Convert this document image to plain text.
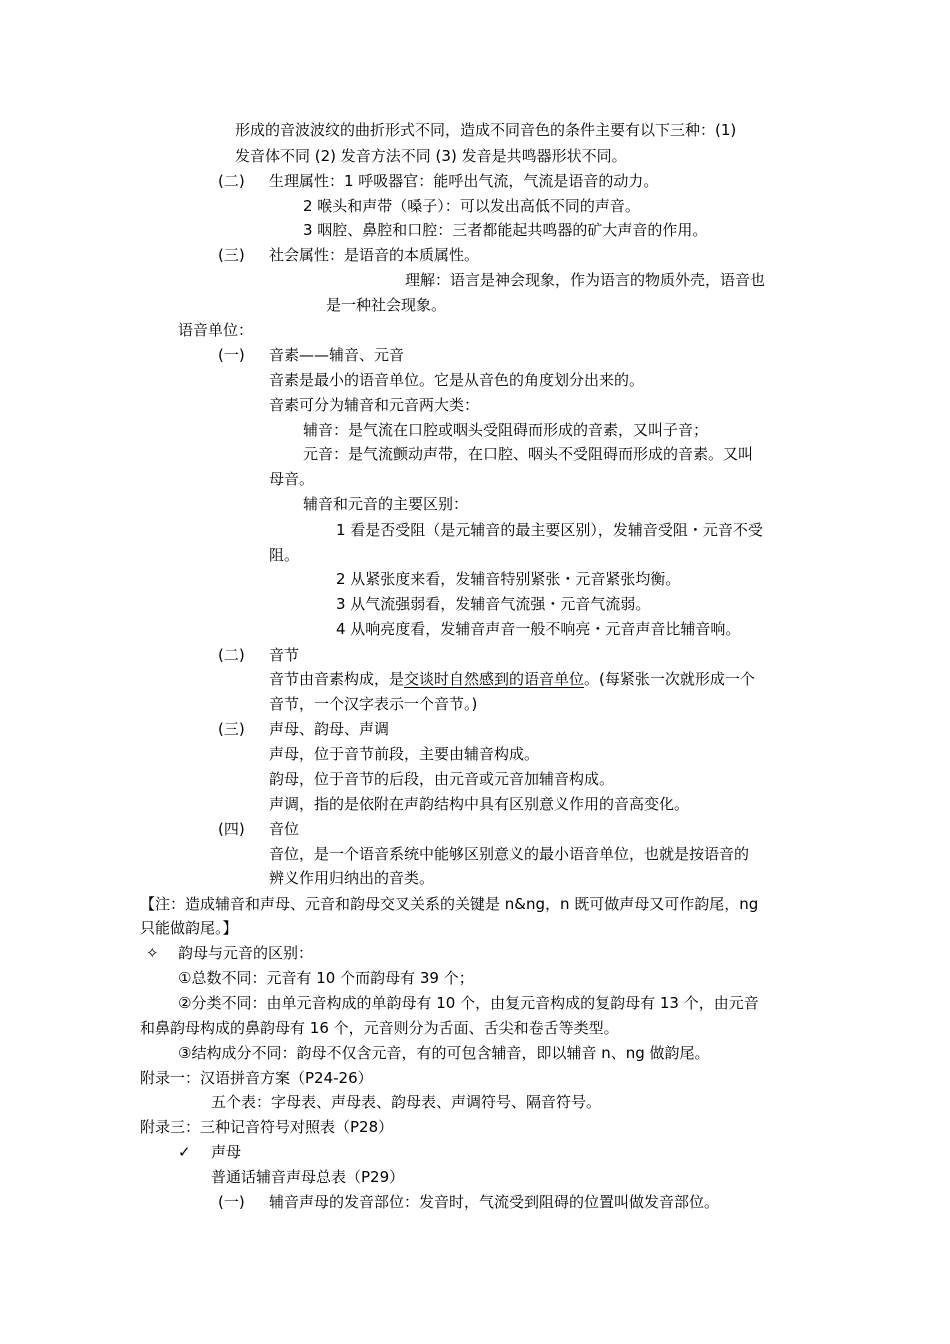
形成的音波波纹的曲折形式不同，造成不同音色的条件主要有以下三种：(1)
发音体不同 (2) 发音方法不同 (3) 发音是共鸣器形状不同。
(二) 生理属性：1 呼吸器官：能呼出气流，气流是语音的动力。
2 喉头和声带（嗓子）：可以发出高低不同的声音。
3 咽腔、鼻腔和口腔：三者都能起共鸣器的矿大声音的作用。
(三) 社会属性：是语音的本质属性。
理解：语言是神会现象，作为语言的物质外壳，语音也
是一种社会现象。
语音单位：
(一) 音素——辅音、元音
音素是最小的语音单位。它是从音色的角度划分出来的。
音素可分为辅音和元音两大类：
辅音：是气流在口腔或咽头受阻碍而形成的音素，又叫子音；
元音：是气流颤动声带，在口腔、咽头不受阻碍而形成的音素。又叫
母音。
辅音和元音的主要区别：
1 看是否受阻（是元辅音的最主要区别），发辅音受阻・元音不受
阻。
2 从紧张度来看，发辅音特别紧张・元音紧张均衡。
3 从气流强弱看，发辅音气流强・元音气流弱。
4 从响亮度看，发辅音声音一般不响亮・元音声音比辅音响。
(二) 音节
音节由音素构成，是交谈时自然感到的语音单位。(每紧张一次就形成一个
音节，一个汉字表示一个音节。)
(三) 声母、韵母、声调
声母，位于音节前段，主要由辅音构成。
韵母，位于音节的后段，由元音或元音加辅音构成。
声调，指的是依附在声韵结构中具有区别意义作用的音高变化。
(四) 音位
音位，是一个语音系统中能够区别意义的最小语音单位，也就是按语音的
辨义作用归纳出的音类。
【注：造成辅音和声母、元音和韵母交叉关系的关键是 n&ng，n 既可做声母又可作韵尾，ng
只能做韵尾。】
✧ 韵母与元音的区别：
①总数不同：元音有 10 个而韵母有 39 个；
②分类不同：由单元音构成的单韵母有 10 个，由复元音构成的复韵母有 13 个，由元音
和鼻韵母构成的鼻韵母有 16 个，元音则分为舌面、舌尖和卷舌等类型。
③结构成分不同：韵母不仅含元音，有的可包含辅音，即以辅音 n、ng 做韵尾。
附录一：汉语拼音方案（P24-26）
五个表：字母表、声母表、韵母表、声调符号、隔音符号。
附录三：三种记音符号对照表（P28）
✓ 声母
普通话辅音声母总表（P29）
(一) 辅音声母的发音部位：发音时，气流受到阻碍的位置叫做发音部位。
